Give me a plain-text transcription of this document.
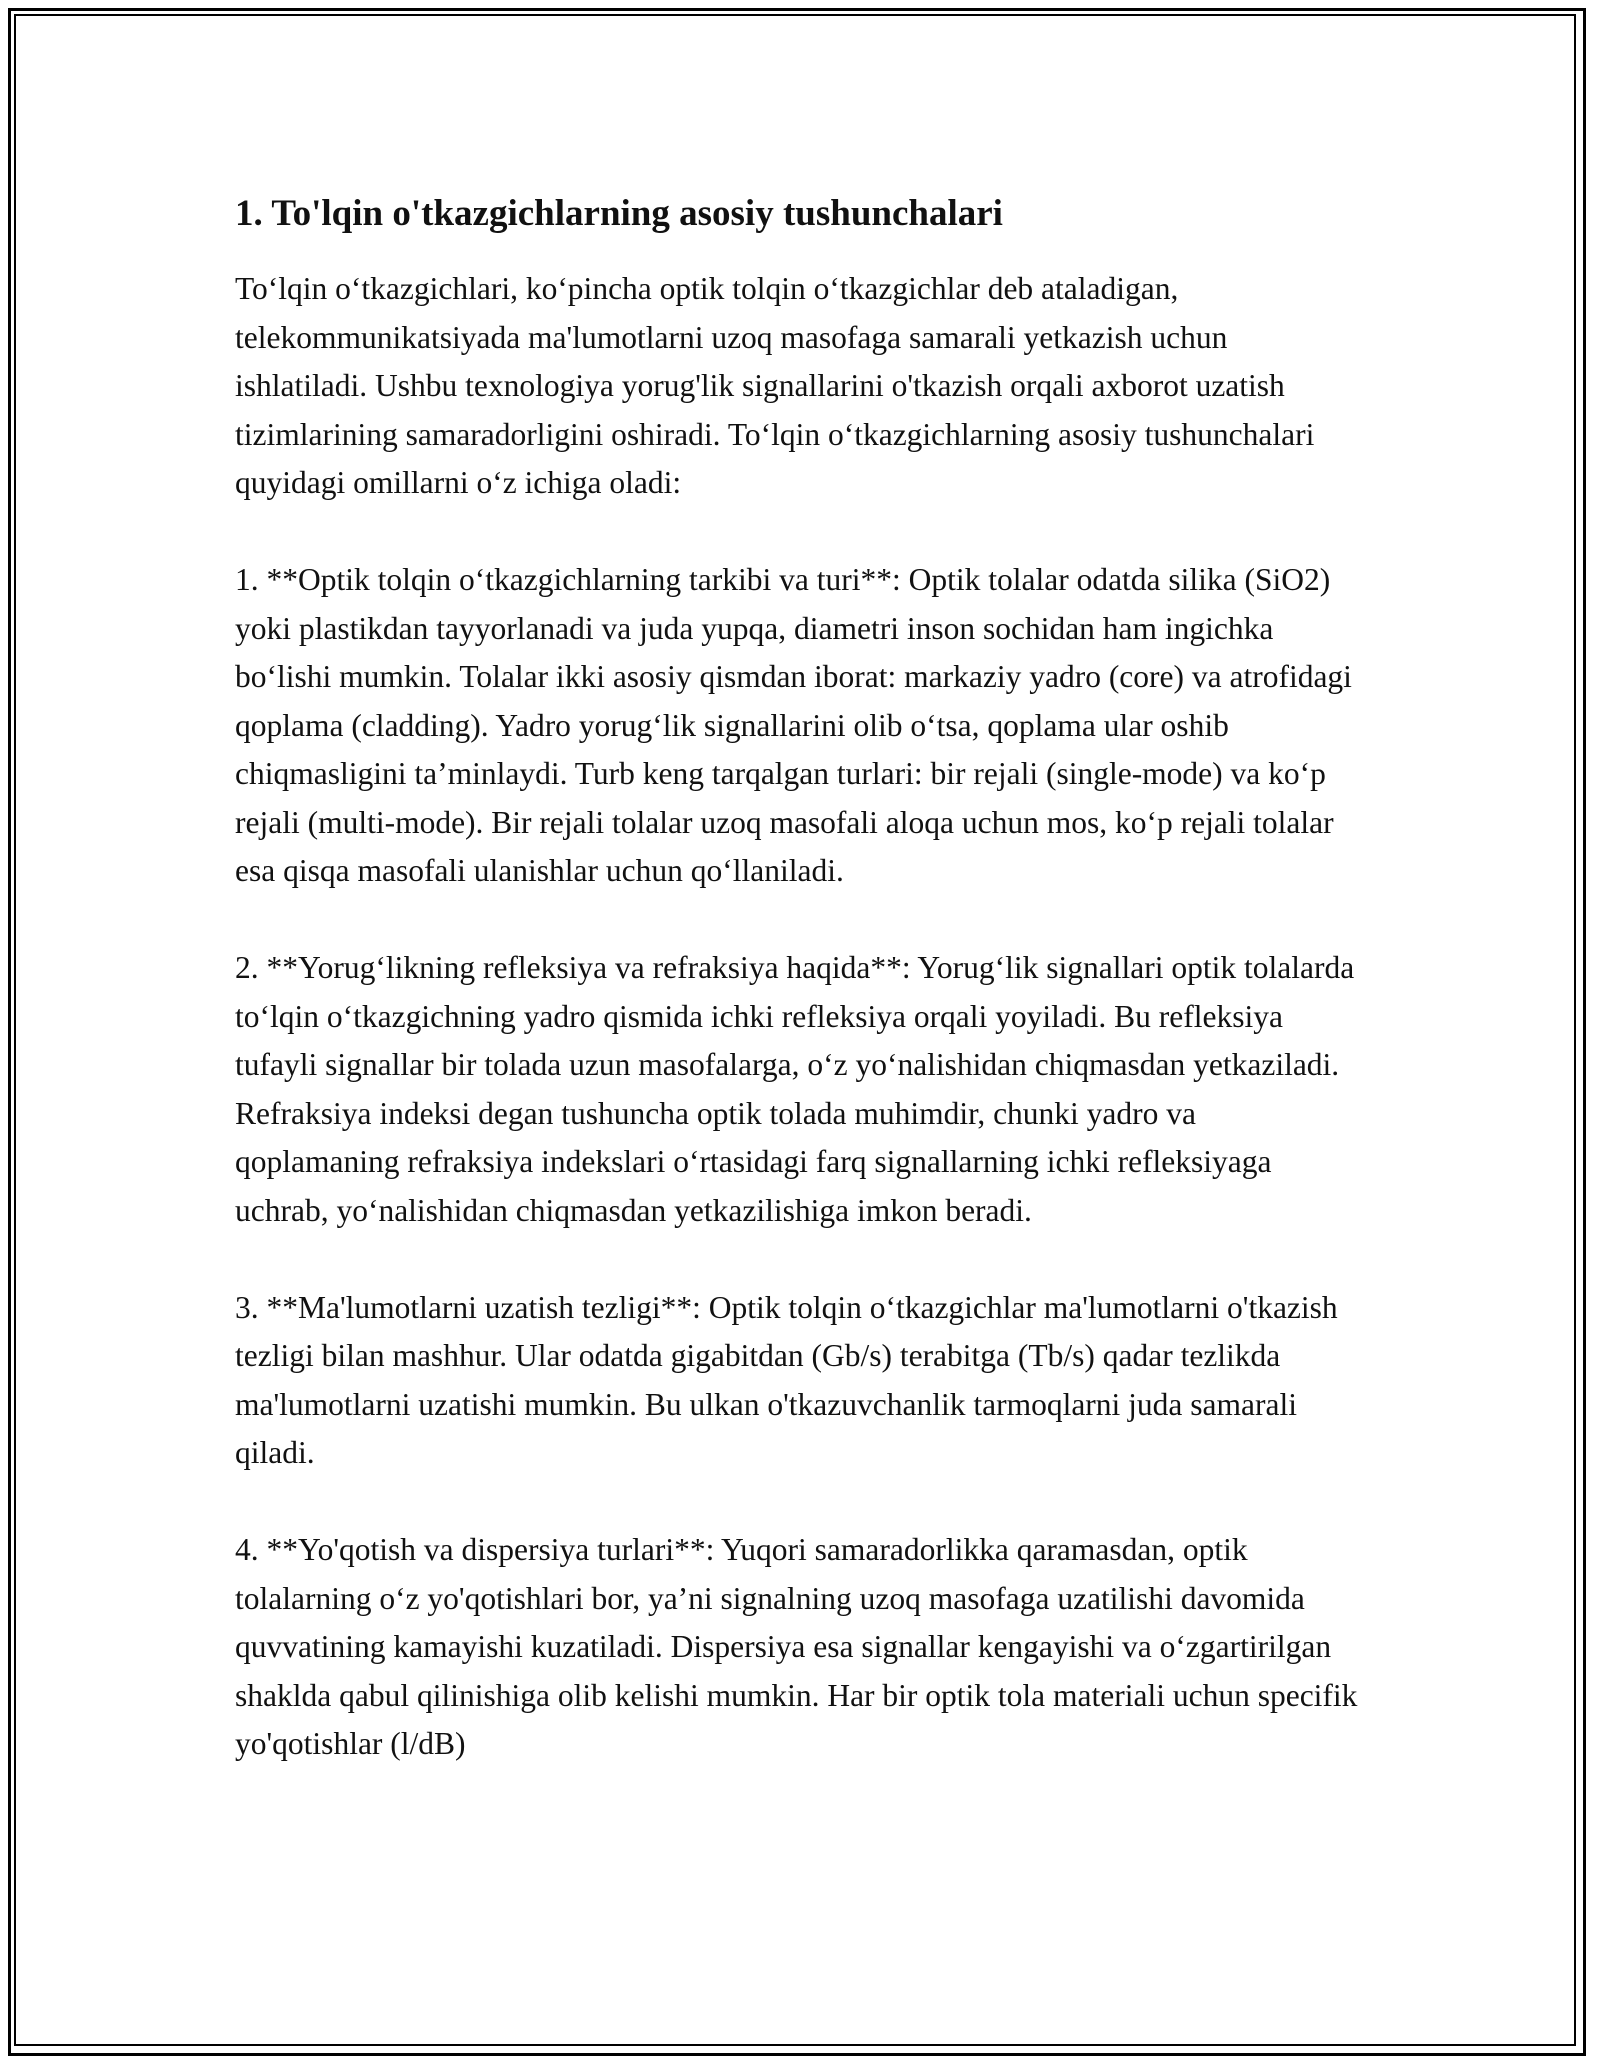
1. To'lqin o'tkazgichlarning asosiy tushunchalari

To‘lqin o‘tkazgichlari, ko‘pincha optik tolqin o‘tkazgichlar deb ataladigan, telekommunikatsiyada ma'lumotlarni uzoq masofaga samarali yetkazish uchun ishlatiladi. Ushbu texnologiya yorug'lik signallarini o'tkazish orqali axborot uzatish tizimlarining samaradorligini oshiradi. To‘lqin o‘tkazgichlarning asosiy tushunchalari quyidagi omillarni o‘z ichiga oladi:

1. **Optik tolqin o‘tkazgichlarning tarkibi va turi**: Optik tolalar odatda silika (SiO2) yoki plastikdan tayyorlanadi va juda yupqa, diametri inson sochidan ham ingichka bo‘lishi mumkin. Tolalar ikki asosiy qismdan iborat: markaziy yadro (core) va atrofidagi qoplama (cladding). Yadro yorug‘lik signallarini olib o‘tsa, qoplama ular oshib chiqmasligini ta’minlaydi. Turb keng tarqalgan turlari: bir rejali (single-mode) va ko‘p rejali (multi-mode). Bir rejali tolalar uzoq masofali aloqa uchun mos, ko‘p rejali tolalar esa qisqa masofali ulanishlar uchun qo‘llaniladi.

2. **Yorug‘likning refleksiya va refraksiya haqida**: Yorug‘lik signallari optik tolalarda to‘lqin o‘tkazgichning yadro qismida ichki refleksiya orqali yoyiladi. Bu refleksiya tufayli signallar bir tolada uzun masofalarga, o‘z yo‘nalishidan chiqmasdan yetkaziladi. Refraksiya indeksi degan tushuncha optik tolada muhimdir, chunki yadro va qoplamaning refraksiya indekslari o‘rtasidagi farq signallarning ichki refleksiyaga uchrab, yo‘nalishidan chiqmasdan yetkazilishiga imkon beradi.

3. **Ma'lumotlarni uzatish tezligi**: Optik tolqin o‘tkazgichlar ma'lumotlarni o'tkazish tezligi bilan mashhur. Ular odatda gigabitdan (Gb/s) terabitga (Tb/s) qadar tezlikda ma'lumotlarni uzatishi mumkin. Bu ulkan o'tkazuvchanlik tarmoqlarni juda samarali qiladi.

4. **Yo'qotish va dispersiya turlari**: Yuqori samaradorlikka qaramasdan, optik tolalarning o‘z yo'qotishlari bor, ya’ni signalning uzoq masofaga uzatilishi davomida quvvatining kamayishi kuzatiladi. Dispersiya esa signallar kengayishi va o‘zgartirilgan shaklda qabul qilinishiga olib kelishi mumkin. Har bir optik tola materiali uchun specifik yo'qotishlar (l/dB)
